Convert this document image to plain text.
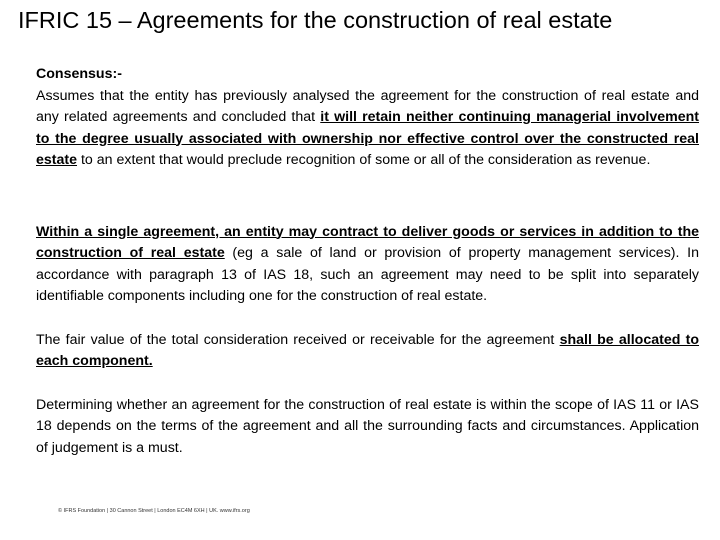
IFRIC 15 – Agreements for the construction of real estate

Consensus:-
Assumes that the entity has previously analysed the agreement for the construction of real estate and any related agreements and concluded that it will retain neither continuing managerial involvement to the degree usually associated with ownership nor effective control over the constructed real estate to an extent that would preclude recognition of some or all of the consideration as revenue.

Within a single agreement, an entity may contract to deliver goods or services in addition to the construction of real estate (eg a sale of land or provision of property management services). In accordance with paragraph 13 of IAS 18, such an agreement may need to be split into separately identifiable components including one for the construction of real estate.

The fair value of the total consideration received or receivable for the agreement shall be allocated to each component.

Determining whether an agreement for the construction of real estate is within the scope of IAS 11 or IAS 18 depends on the terms of the agreement and all the surrounding facts and circumstances. Application of judgement is a must.

© IFRS Foundation | 30 Cannon Street | London EC4M 6XH | UK. www.ifrs.org
